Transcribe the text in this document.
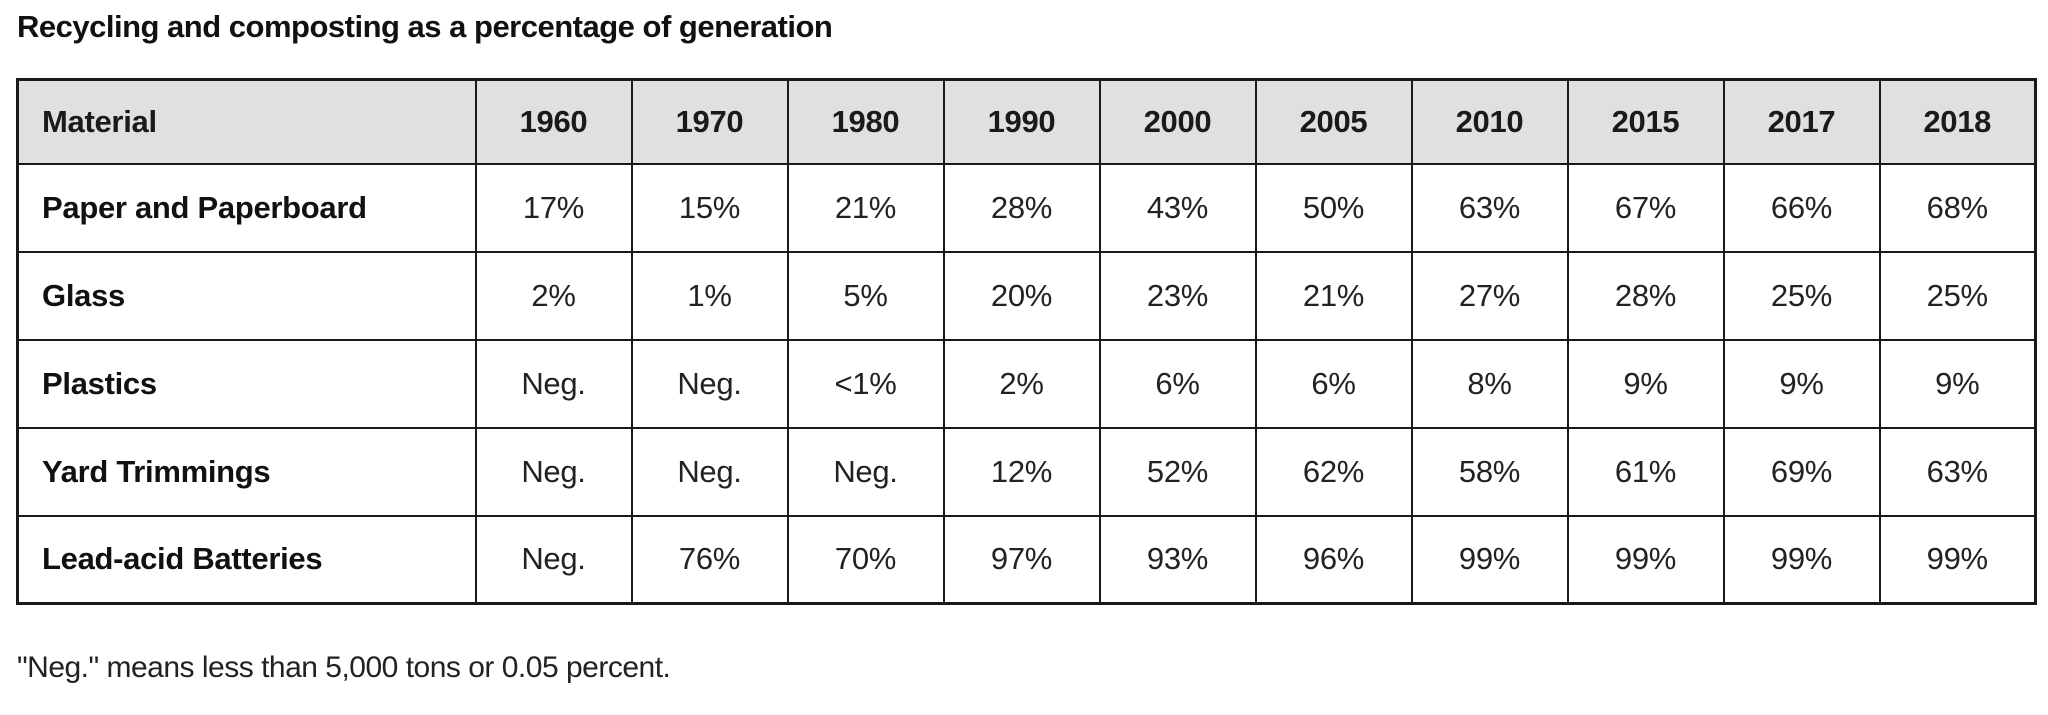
Recycling and composting as a percentage of generation
Material	1960	1970	1980	1990	2000	2005	2010	2015	2017	2018
Paper and Paperboard	17%	15%	21%	28%	43%	50%	63%	67%	66%	68%
Glass	2%	1%	5%	20%	23%	21%	27%	28%	25%	25%
Plastics	Neg.	Neg.	<1%	2%	6%	6%	8%	9%	9%	9%
Yard Trimmings	Neg.	Neg.	Neg.	12%	52%	62%	58%	61%	69%	63%
Lead-acid Batteries	Neg.	76%	70%	97%	93%	96%	99%	99%	99%	99%

"Neg." means less than 5,000 tons or 0.05 percent.
